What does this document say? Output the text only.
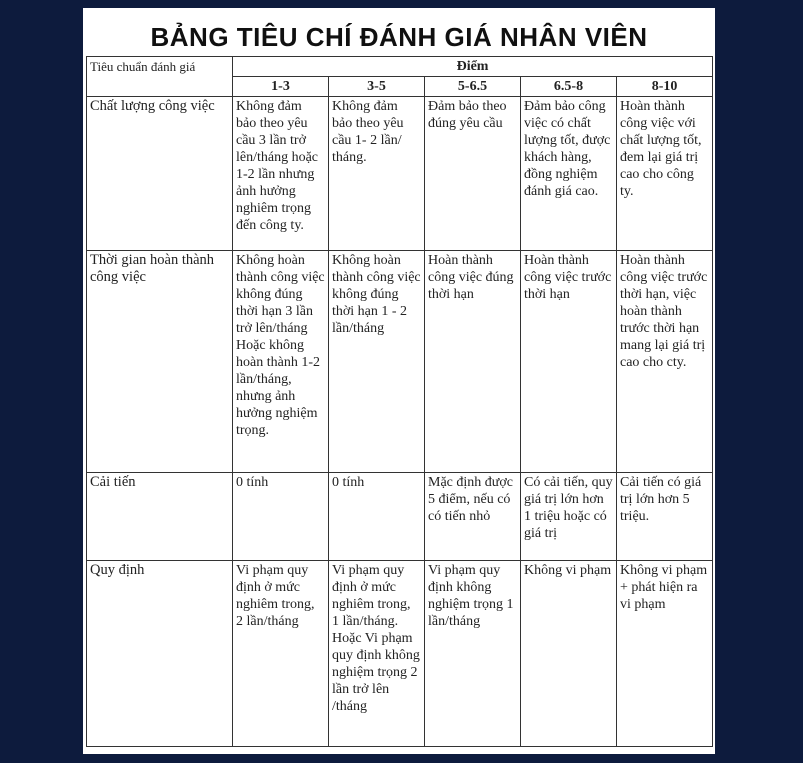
BẢNG TIÊU CHÍ ĐÁNH GIÁ NHÂN VIÊN
Tiêu chuẩn đánh giá	Điểm				
	1-3	3-5	5-6.5	6.5-8	8-10
Chất lượng công việc	Không đảm bảo theo yêu cầu 3 lần trở lên/tháng hoặc 1-2 lần nhưng ảnh hưởng nghiêm trọng đến công ty.	Không đảm bảo theo yêu cầu 1- 2 lần/ tháng.	Đảm bảo theo đúng yêu cầu	Đảm bảo công việc có chất lượng tốt, được khách hàng, đồng nghiệm đánh giá cao.	Hoàn thành công việc với chất lượng tốt, đem lại giá trị cao cho công ty.
Thời gian hoàn thành công việc	Không hoàn thành công việc không đúng thời hạn 3 lần trở lên/tháng Hoặc không hoàn thành 1-2 lần/tháng, nhưng ảnh hưởng nghiệm trọng.	Không hoàn thành công việc không đúng thời hạn 1 - 2 lần/tháng	Hoàn thành công việc đúng thời hạn	Hoàn thành công việc trước thời hạn	Hoàn thành công việc trước thời hạn, việc hoàn thành trước thời hạn mang lại giá trị cao cho cty.
Cải tiến	0 tính	0 tính	Mặc định được 5 điểm, nếu có có tiến nhỏ	Có cải tiến, quy giá trị lớn hơn 1 triệu hoặc có giá trị	Cải tiến có giá trị lớn hơn 5 triệu.
Quy định	Vi phạm quy định ở mức nghiêm trong, 2 lần/tháng	Vi phạm quy định ở mức nghiêm trong, 1 lần/tháng. Hoặc Vi phạm quy định không nghiệm trọng 2 lần trở lên /tháng	Vi phạm quy định không nghiệm trọng 1 lần/tháng	Không vi phạm	Không vi phạm + phát hiện ra vi phạm
